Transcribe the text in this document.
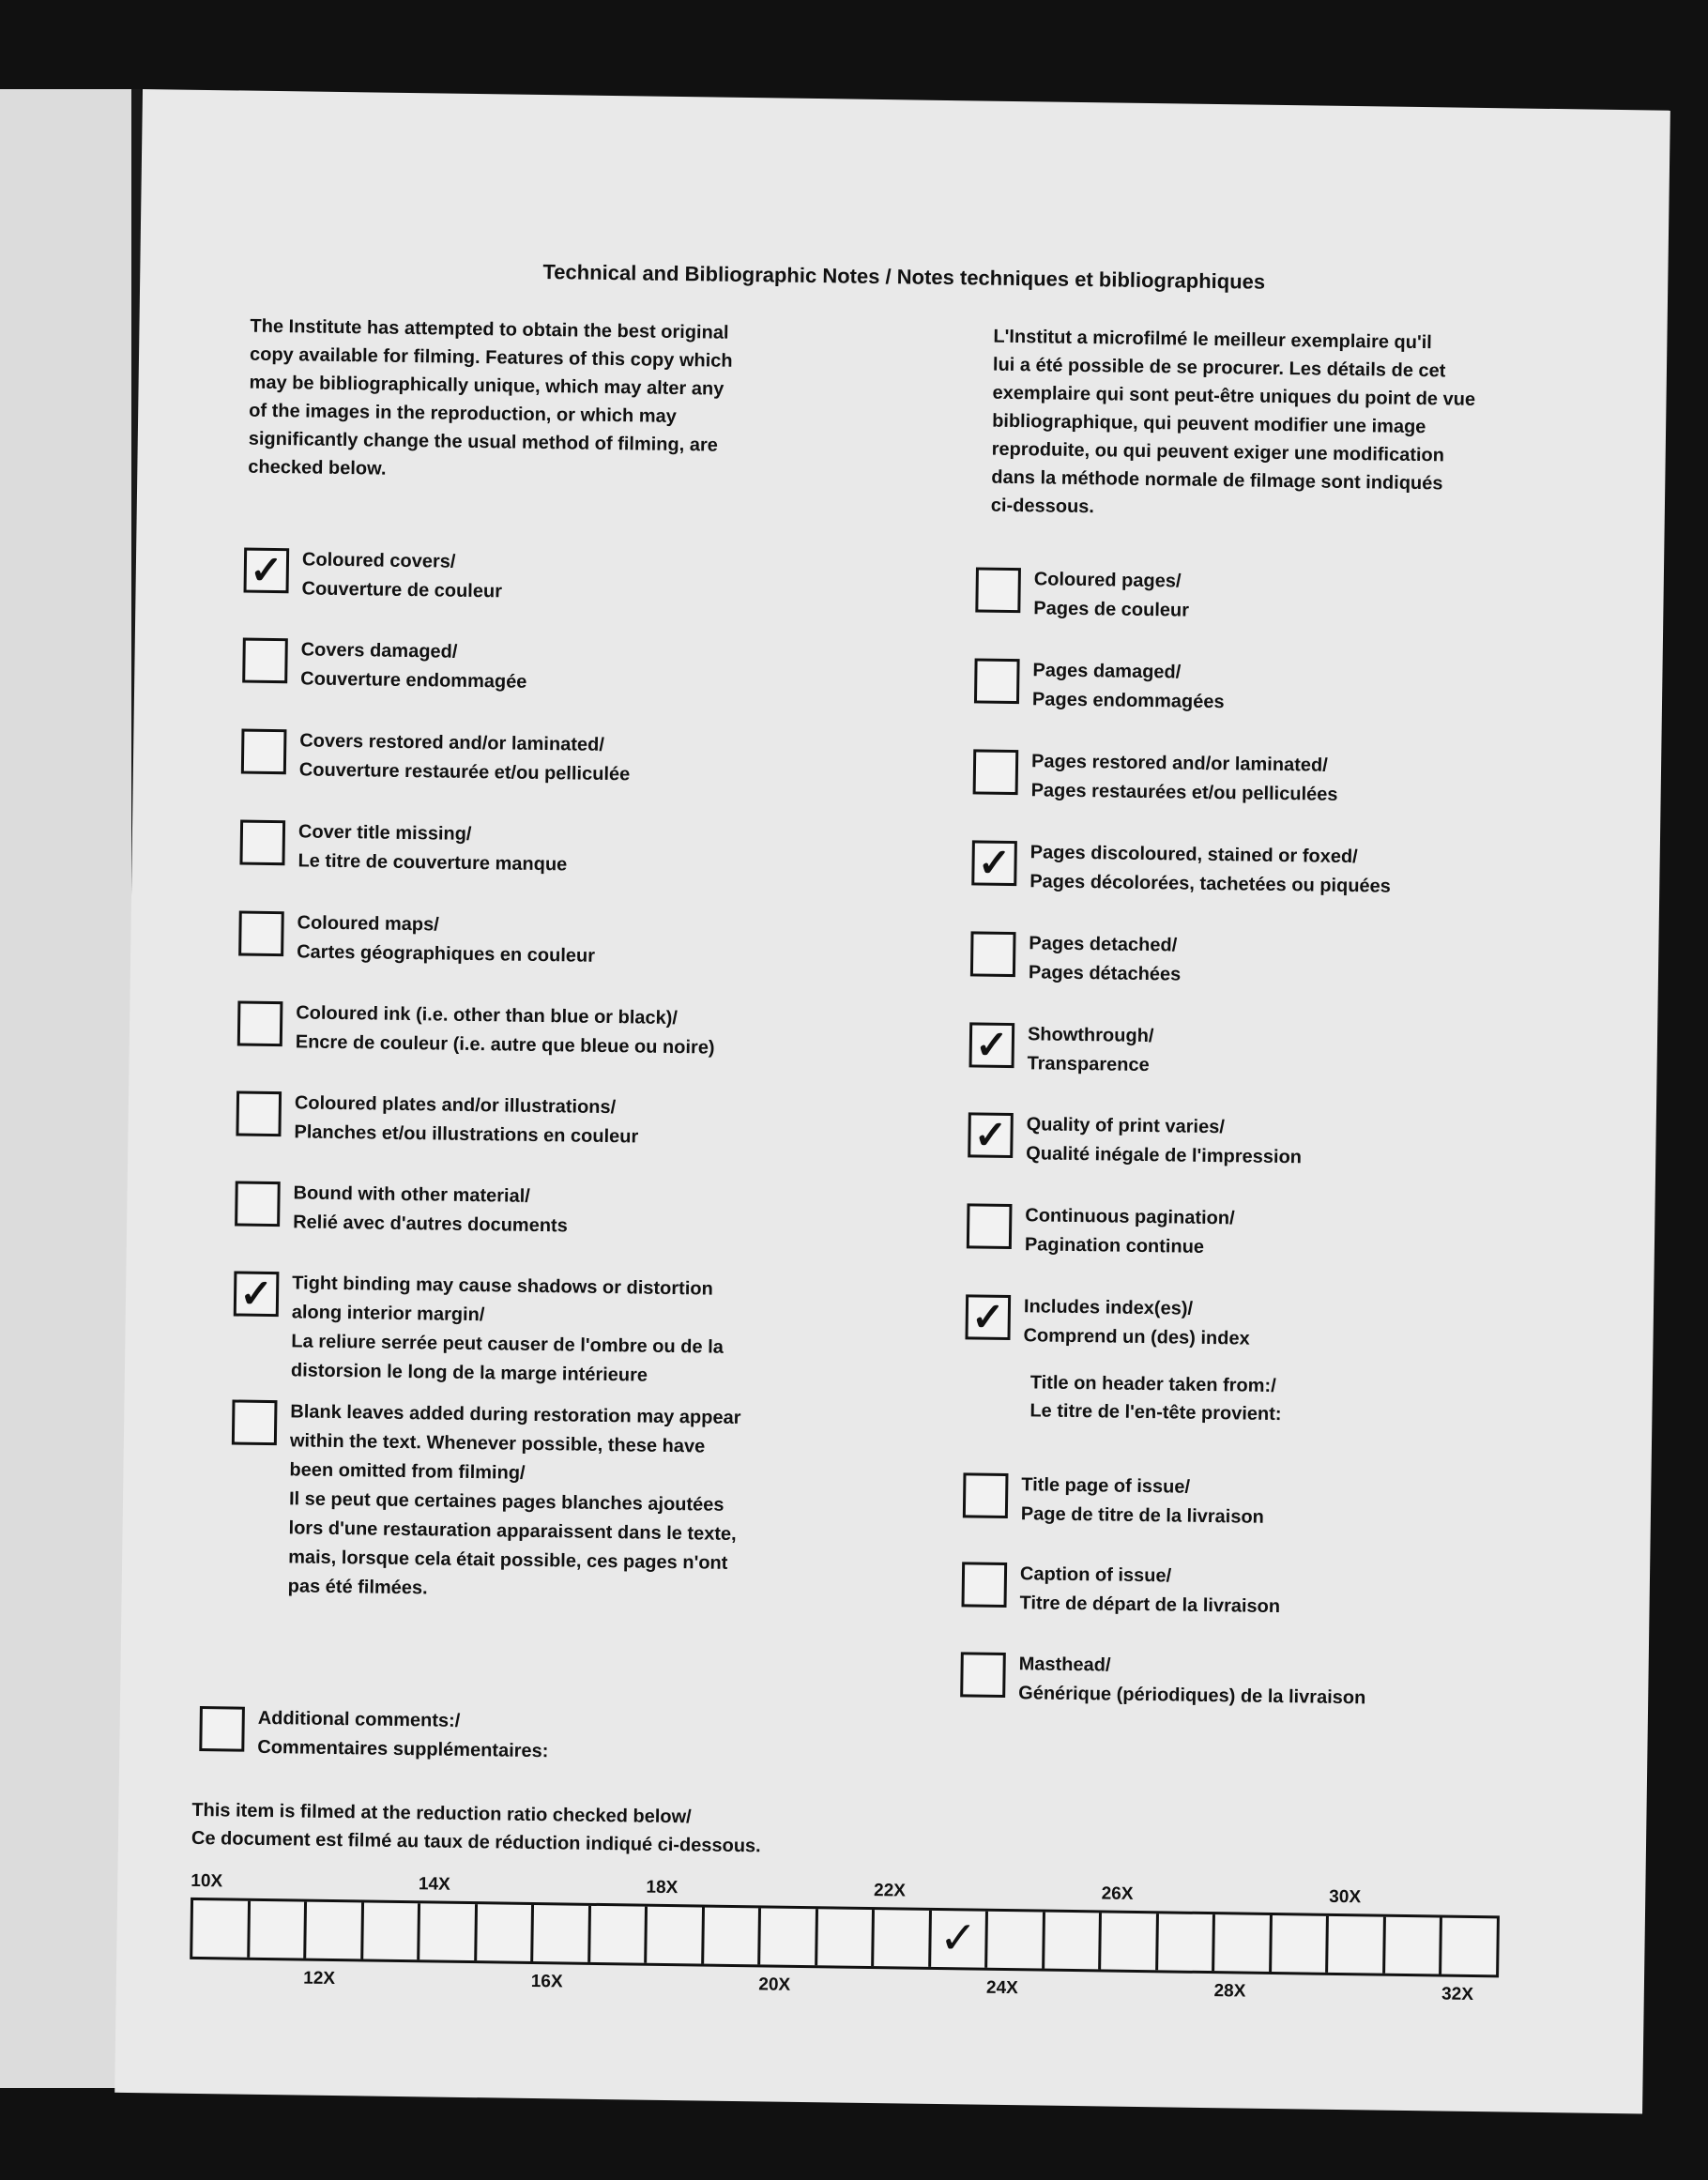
Technical and Bibliographic Notes / Notes techniques et bibliographiques

The Institute has attempted to obtain the best original
copy available for filming. Features of this copy which
may be bibliographically unique, which may alter any
of the images in the reproduction, or which may
significantly change the usual method of filming, are
checked below.

L'Institut a microfilmé le meilleur exemplaire qu'il
lui a été possible de se procurer. Les détails de cet
exemplaire qui sont peut-être uniques du point de vue
bibliographique, qui peuvent modifier une image
reproduite, ou qui peuvent exiger une modification
dans la méthode normale de filmage sont indiqués
ci-dessous.

✓ Coloured covers/
Couverture de couleur
Covers damaged/
Couverture endommagée
Covers restored and/or laminated/
Couverture restaurée et/ou pelliculée
Cover title missing/
Le titre de couverture manque
Coloured maps/
Cartes géographiques en couleur
Coloured ink (i.e. other than blue or black)/
Encre de couleur (i.e. autre que bleue ou noire)
Coloured plates and/or illustrations/
Planches et/ou illustrations en couleur
Bound with other material/
Relié avec d'autres documents
✓ Tight binding may cause shadows or distortion
along interior margin/
La reliure serrée peut causer de l'ombre ou de la
distorsion le long de la marge intérieure
Blank leaves added during restoration may appear
within the text. Whenever possible, these have
been omitted from filming/
Il se peut que certaines pages blanches ajoutées
lors d'une restauration apparaissent dans le texte,
mais, lorsque cela était possible, ces pages n'ont
pas été filmées.
Coloured pages/
Pages de couleur
Pages damaged/
Pages endommagées
Pages restored and/or laminated/
Pages restaurées et/ou pelliculées
✓ Pages discoloured, stained or foxed/
Pages décolorées, tachetées ou piquées
Pages detached/
Pages détachées
✓ Showthrough/
Transparence
✓ Quality of print varies/
Qualité inégale de l'impression
Continuous pagination/
Pagination continue
✓ Includes index(es)/
Comprend un (des) index

Title on header taken from:/
Le titre de l'en-tête provient:

Title page of issue/
Page de titre de la livraison
Caption of issue/
Titre de départ de la livraison
Masthead/
Générique (périodiques) de la livraison
Additional comments:/
Commentaires supplémentaires:

This item is filmed at the reduction ratio checked below/
Ce document est filmé au taux de réduction indiqué ci-dessous.

✓
10X	14X	18X	22X	26X	30X
12X	16X	20X	24X	28X	32X
